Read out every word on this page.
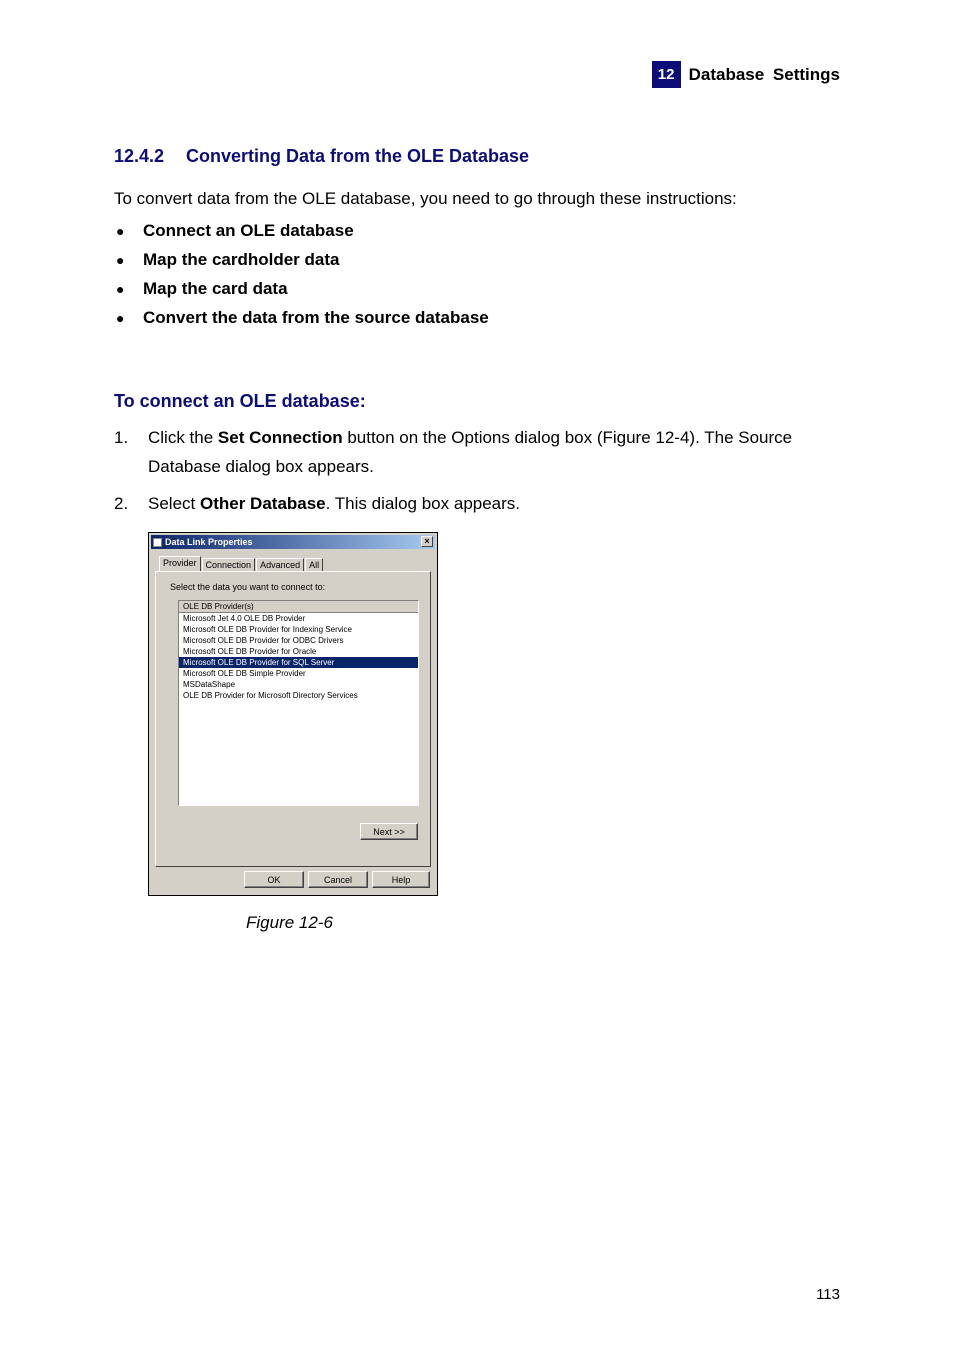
12 Database Settings
12.4.2 Converting Data from the OLE Database
To convert data from the OLE database, you need to go through these instructions:
●	Connect an OLE database
●	Map the cardholder data
●	Map the card data
●	Convert the data from the source database
To connect an OLE database:
1. Click the Set Connection button on the Options dialog box (Figure 12-4). The Source Database dialog box appears.
2. Select Other Database. This dialog box appears.
Data Link Properties	×
Provider	Connection	Advanced	All
Select the data you want to connect to:
OLE DB Provider(s)
Microsoft Jet 4.0 OLE DB Provider
Microsoft OLE DB Provider for Indexing Service
Microsoft OLE DB Provider for ODBC Drivers
Microsoft OLE DB Provider for Oracle
Microsoft OLE DB Provider for SQL Server
Microsoft OLE DB Simple Provider
MSDataShape
OLE DB Provider for Microsoft Directory Services
Next >>
OK	Cancel	Help
Figure 12-6
113
